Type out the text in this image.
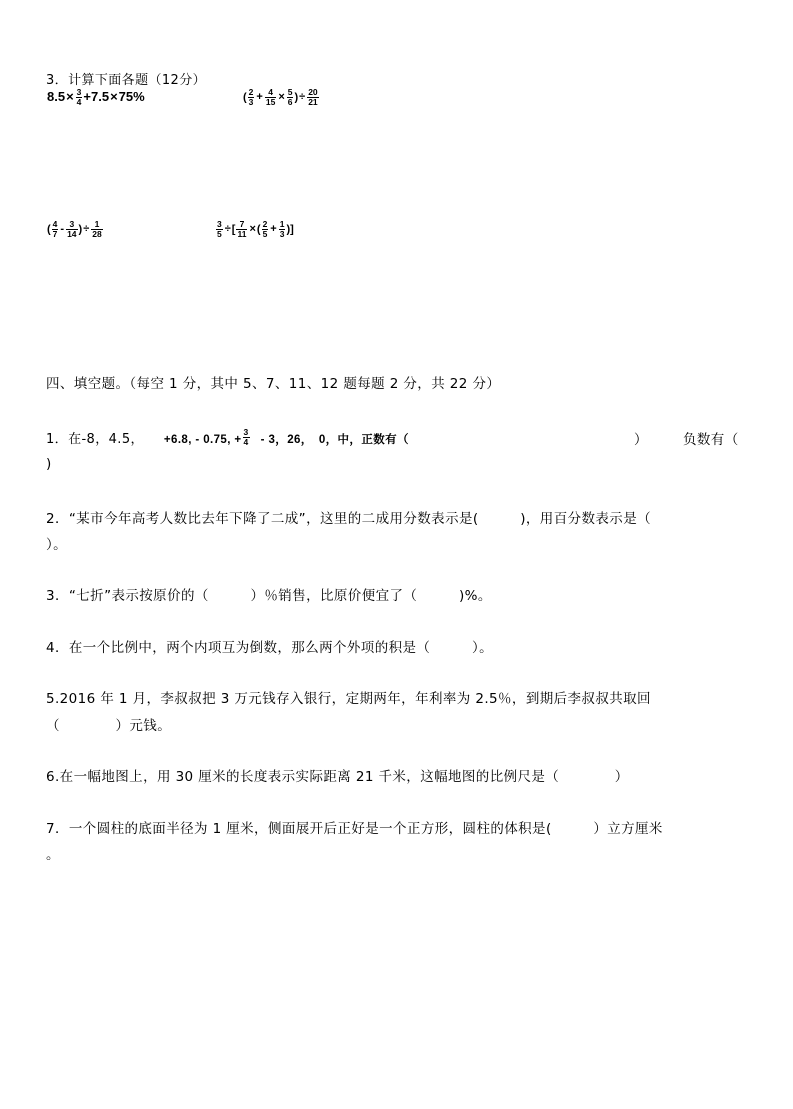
3．计算下面各题（12分）
$8.5\times \frac{3}{4} +7.5\times 75\%$	( $\frac{2}{3} + \frac{4}{15} \times \frac{5}{6}$ )÷ $\frac{20}{21}$
( $\frac{4}{7} - \frac{3}{14}$ )÷ $\frac{1}{28}$	$\frac{3}{5}$ ÷[ $\frac{7}{11}$ ×( $\frac{2}{5} + \frac{1}{3}$ )]
四、填空题。（每空 1 分，其中 5、7、11、12 题每题 2 分，共 22 分）
1．在-8，4.5， +6.8, - 0.75, + $\frac{3}{4} - 3$，26，　0，中，正数有（	）	负数有（
)
2．“某市今年高考人数比去年下降了二成”，这里的二成用分数表示是(　　　)，用百分数表示是（
）。
3．“七折”表示按原价的（　　　）％销售，比原价便宜了（　　　)%。
4．在一个比例中，两个内项互为倒数，那么两个外项的积是（　　　）。
5.2016 年 1 月，李叔叔把 3 万元钱存入银行，定期两年，年利率为 2.5％，到期后李叔叔共取回
（　　　　）元钱。
6.在一幅地图上，用 30 厘米的长度表示实际距离 21 千米，这幅地图的比例尺是（　　　　）
7．一个圆柱的底面半径为 1 厘米，侧面展开后正好是一个正方形，圆柱的体积是(　　　）立方厘米
。
